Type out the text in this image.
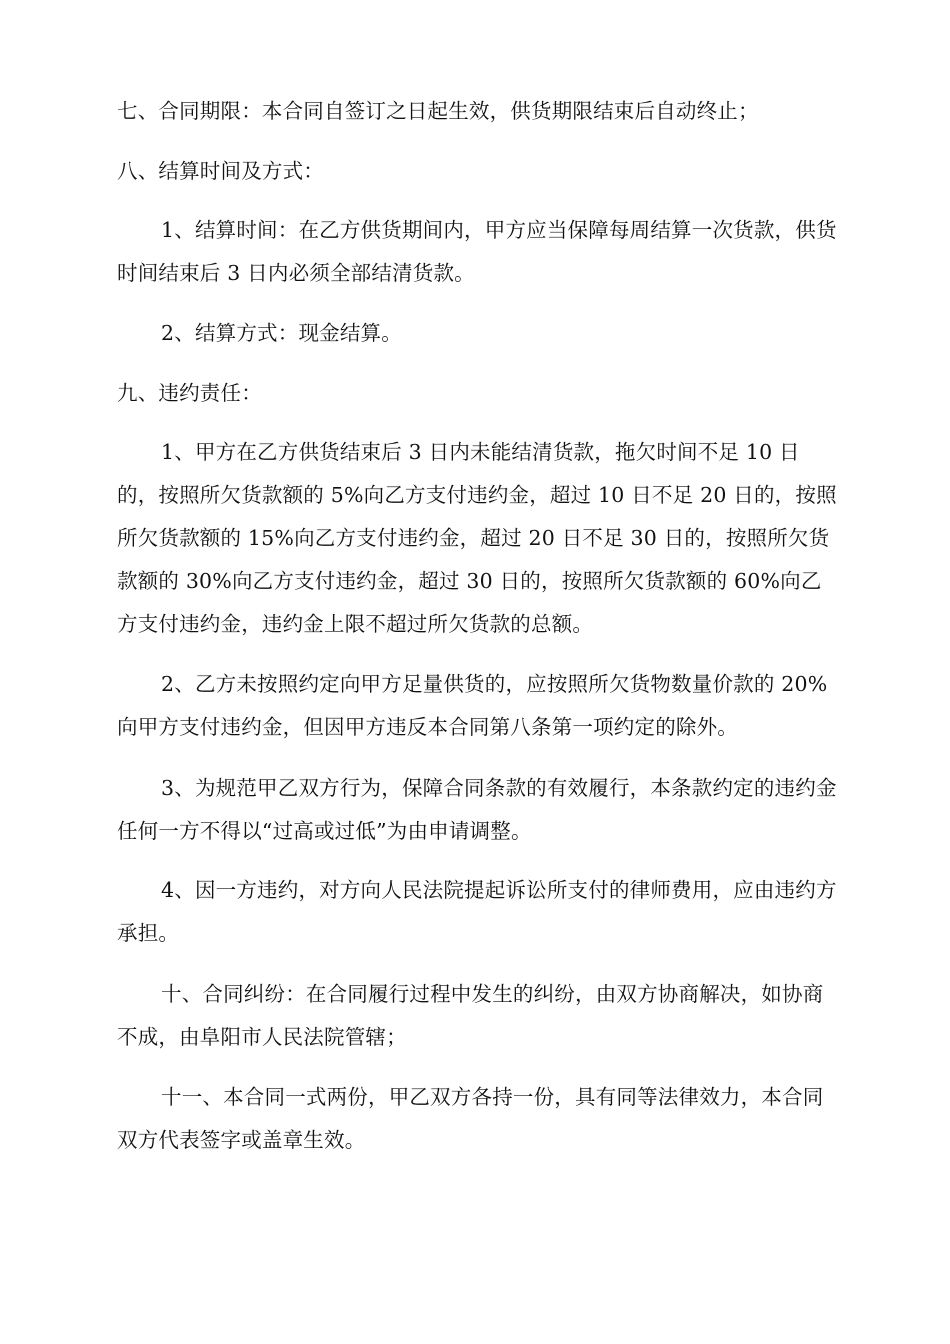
七、合同期限：本合同自签订之日起生效，供货期限结束后自动终止；

八、结算时间及方式：

1、结算时间：在乙方供货期间内，甲方应当保障每周结算一次货款，供货时间结束后 3 日内必须全部结清货款。

2、结算方式：现金结算。

九、违约责任：

1、甲方在乙方供货结束后 3 日内未能结清货款，拖欠时间不足 10 日的，按照所欠货款额的 5%向乙方支付违约金，超过 10 日不足 20 日的，按照所欠货款额的 15%向乙方支付违约金，超过 20 日不足 30 日的，按照所欠货款额的 30%向乙方支付违约金，超过 30 日的，按照所欠货款额的 60%向乙方支付违约金，违约金上限不超过所欠货款的总额。

2、乙方未按照约定向甲方足量供货的，应按照所欠货物数量价款的 20%向甲方支付违约金，但因甲方违反本合同第八条第一项约定的除外。

3、为规范甲乙双方行为，保障合同条款的有效履行，本条款约定的违约金任何一方不得以“过高或过低”为由申请调整。

4、因一方违约，对方向人民法院提起诉讼所支付的律师费用，应由违约方承担。

十、合同纠纷：在合同履行过程中发生的纠纷，由双方协商解决，如协商不成，由阜阳市人民法院管辖；

十一、本合同一式两份，甲乙双方各持一份，具有同等法律效力，本合同双方代表签字或盖章生效。
